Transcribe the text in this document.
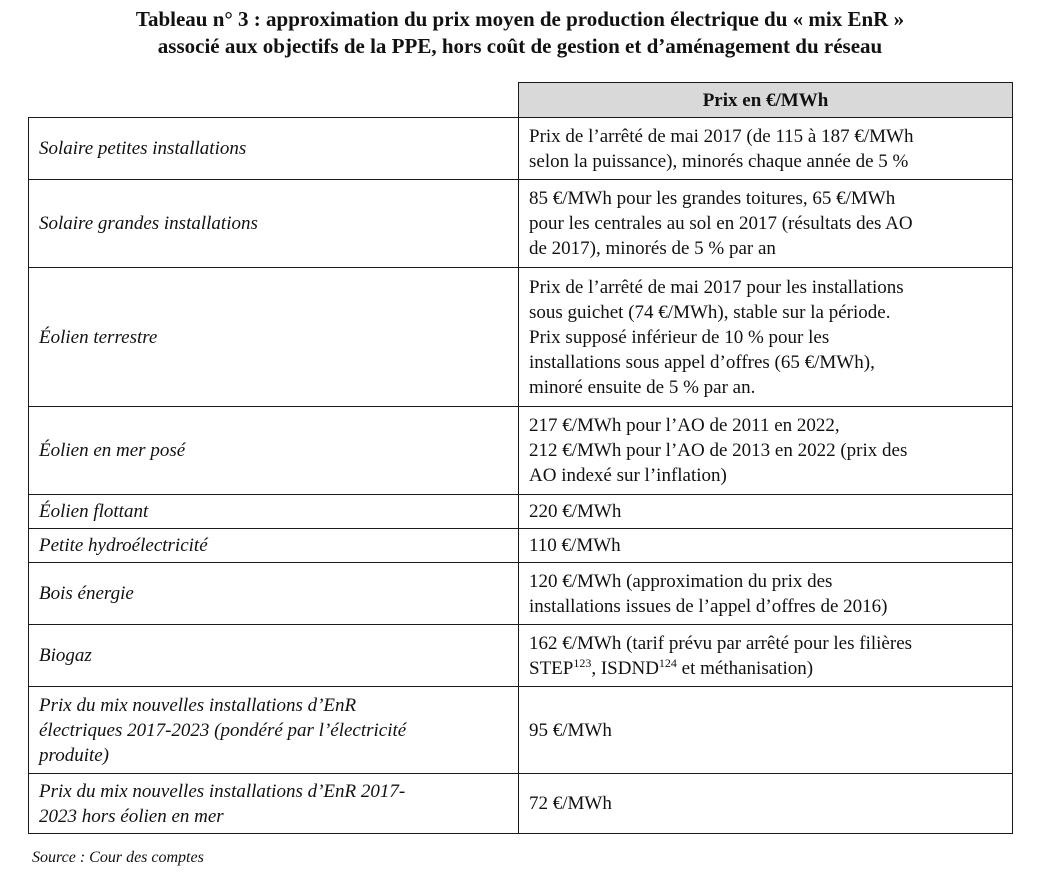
Tableau n° 3 : approximation du prix moyen de production électrique du « mix EnR »
associé aux objectifs de la PPE, hors coût de gestion et d’aménagement du réseau
	Prix en €/MWh

Solaire petites installations	Prix de l’arrêté de mai 2017 (de 115 à 187 €/MWh
selon la puissance), minorés chaque année de 5 %

Solaire grandes installations	85 €/MWh pour les grandes toitures, 65 €/MWh
pour les centrales au sol en 2017 (résultats des AO
de 2017), minorés de 5 % par an

Éolien terrestre	Prix de l’arrêté de mai 2017 pour les installations
sous guichet (74 €/MWh), stable sur la période.
Prix supposé inférieur de 10 % pour les
installations sous appel d’offres (65 €/MWh),
minoré ensuite de 5 % par an.

Éolien en mer posé	217 €/MWh pour l’AO de 2011 en 2022,
212 €/MWh pour l’AO de 2013 en 2022 (prix des
AO indexé sur l’inflation)

Éolien flottant	220 €/MWh

Petite hydroélectricité	110 €/MWh

Bois énergie	120 €/MWh (approximation du prix des
installations issues de l’appel d’offres de 2016)

Biogaz	162 €/MWh (tarif prévu par arrêté pour les filières
STEP$^{123}$, ISDND$^{124}$ et méthanisation)

Prix du mix nouvelles installations d’EnR
électriques 2017-2023 (pondéré par l’électricité
produite)	95 €/MWh

Prix du mix nouvelles installations d’EnR 2017-
2023 hors éolien en mer	72 €/MWh
Source : Cour des comptes
